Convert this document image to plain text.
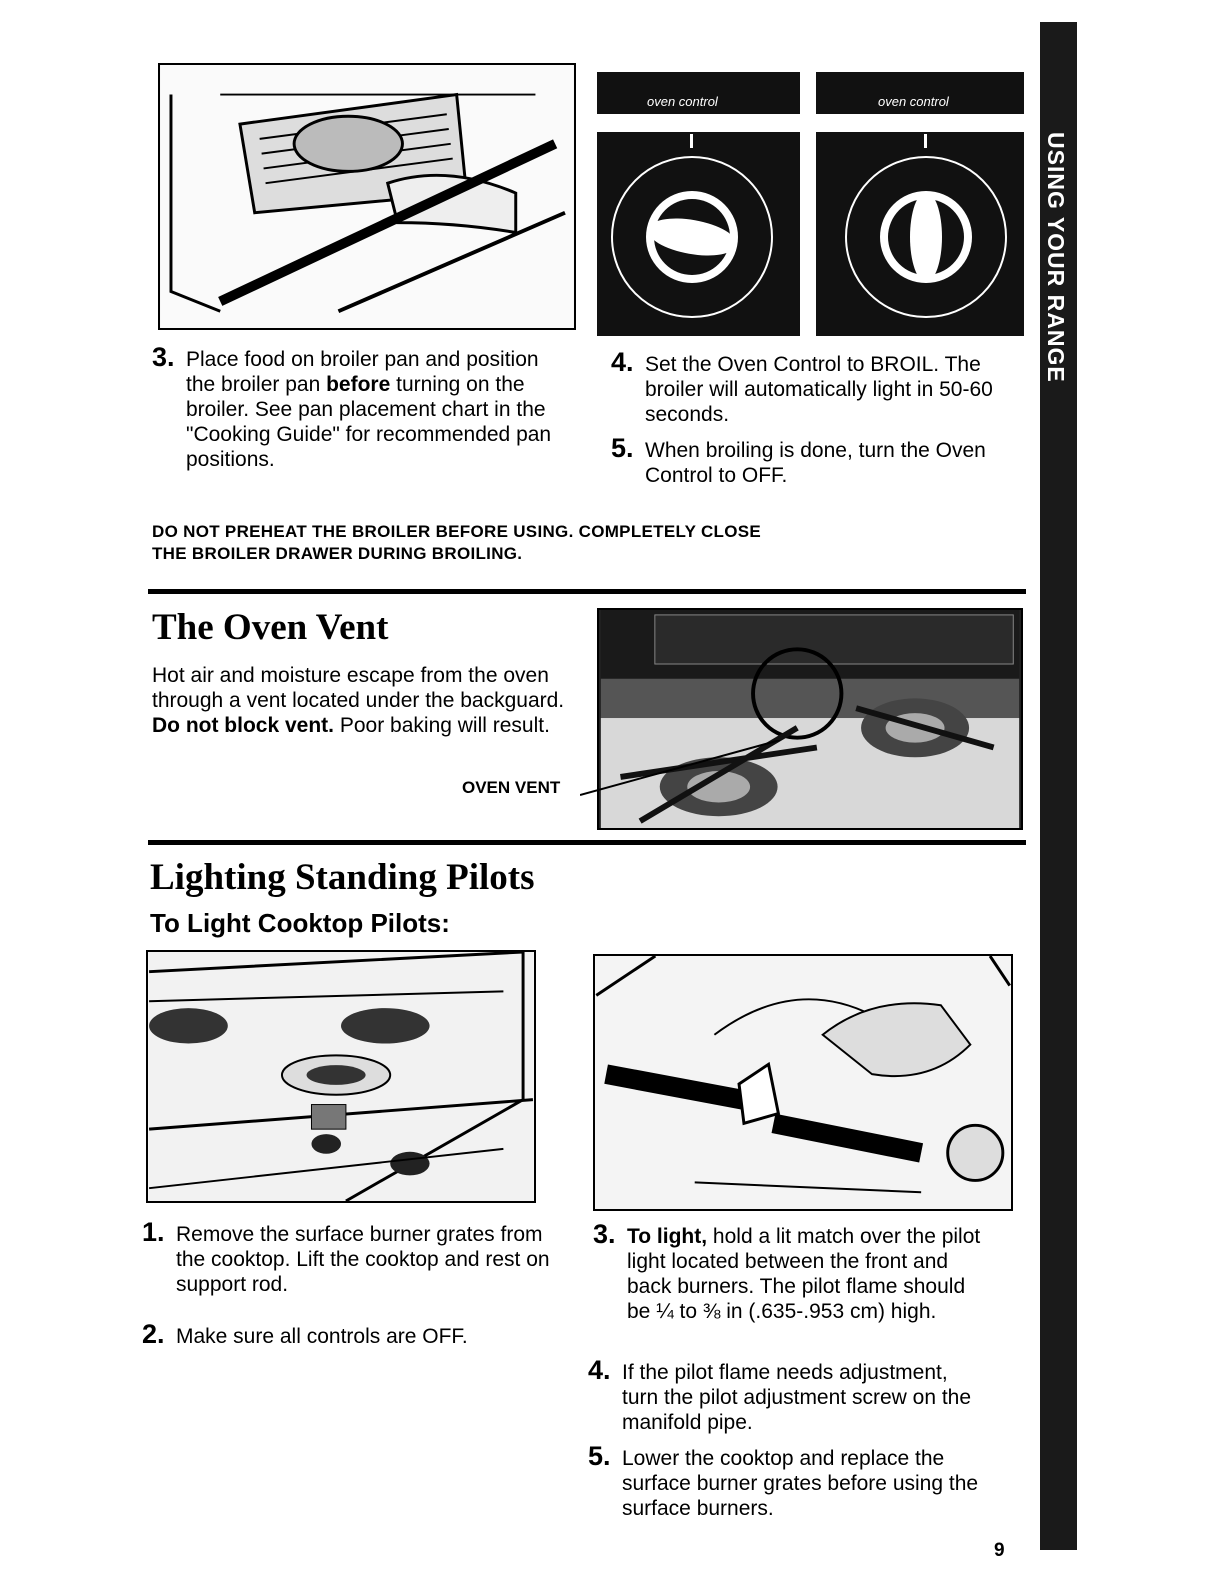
USING YOUR RANGE
oven control	oven control
3. Place food on broiler pan and position the broiler pan before turning on the broiler. See pan placement chart in the "Cooking Guide" for recommended pan positions.
4. Set the Oven Control to BROIL. The broiler will automatically light in 50-60 seconds.
5. When broiling is done, turn the Oven Control to OFF.
DO NOT PREHEAT THE BROILER BEFORE USING. COMPLETELY CLOSE
THE BROILER DRAWER DURING BROILING.
The Oven Vent
Hot air and moisture escape from the oven through a vent located under the backguard. Do not block vent. Poor baking will result.
OVEN VENT
Lighting Standing Pilots
To Light Cooktop Pilots:
1. Remove the surface burner grates from the cooktop. Lift the cooktop and rest on support rod.
2. Make sure all controls are OFF.
3. To light, hold a lit match over the pilot light located between the front and back burners. The pilot flame should be ¼ to ⅜ in (.635-.953 cm) high.
4. If the pilot flame needs adjustment, turn the pilot adjustment screw on the manifold pipe.
5. Lower the cooktop and replace the surface burner grates before using the surface burners.
9
